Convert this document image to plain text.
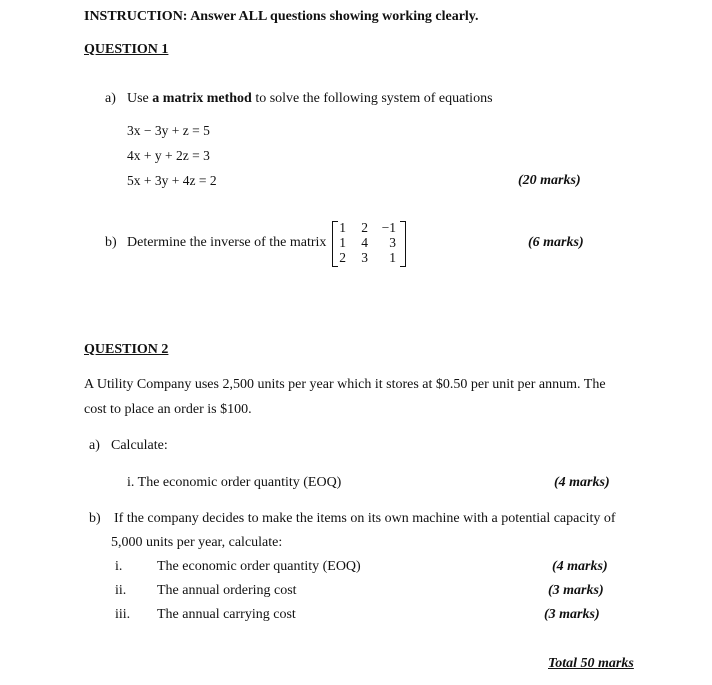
INSTRUCTION: Answer ALL questions showing working clearly.
QUESTION 1
a) Use a matrix method to solve the following system of equations
3x − 3y + z = 5
4x + y + 2z = 3
5x + 3y + 4z = 2	(20 marks)
b) Determine the inverse of the matrix
1	2	−1
1	4	3
2	3	1
(6 marks)
QUESTION 2
A Utility Company uses 2,500 units per year which it stores at $0.50 per unit per annum. The
cost to place an order is $100.
a) Calculate:
i. The economic order quantity (EOQ)	(4 marks)
b) If the company decides to make the items on its own machine with a potential capacity of
5,000 units per year, calculate:
i. The economic order quantity (EOQ)	(4 marks)
ii. The annual ordering cost	(3 marks)
iii. The annual carrying cost	(3 marks)
Total 50 marks
